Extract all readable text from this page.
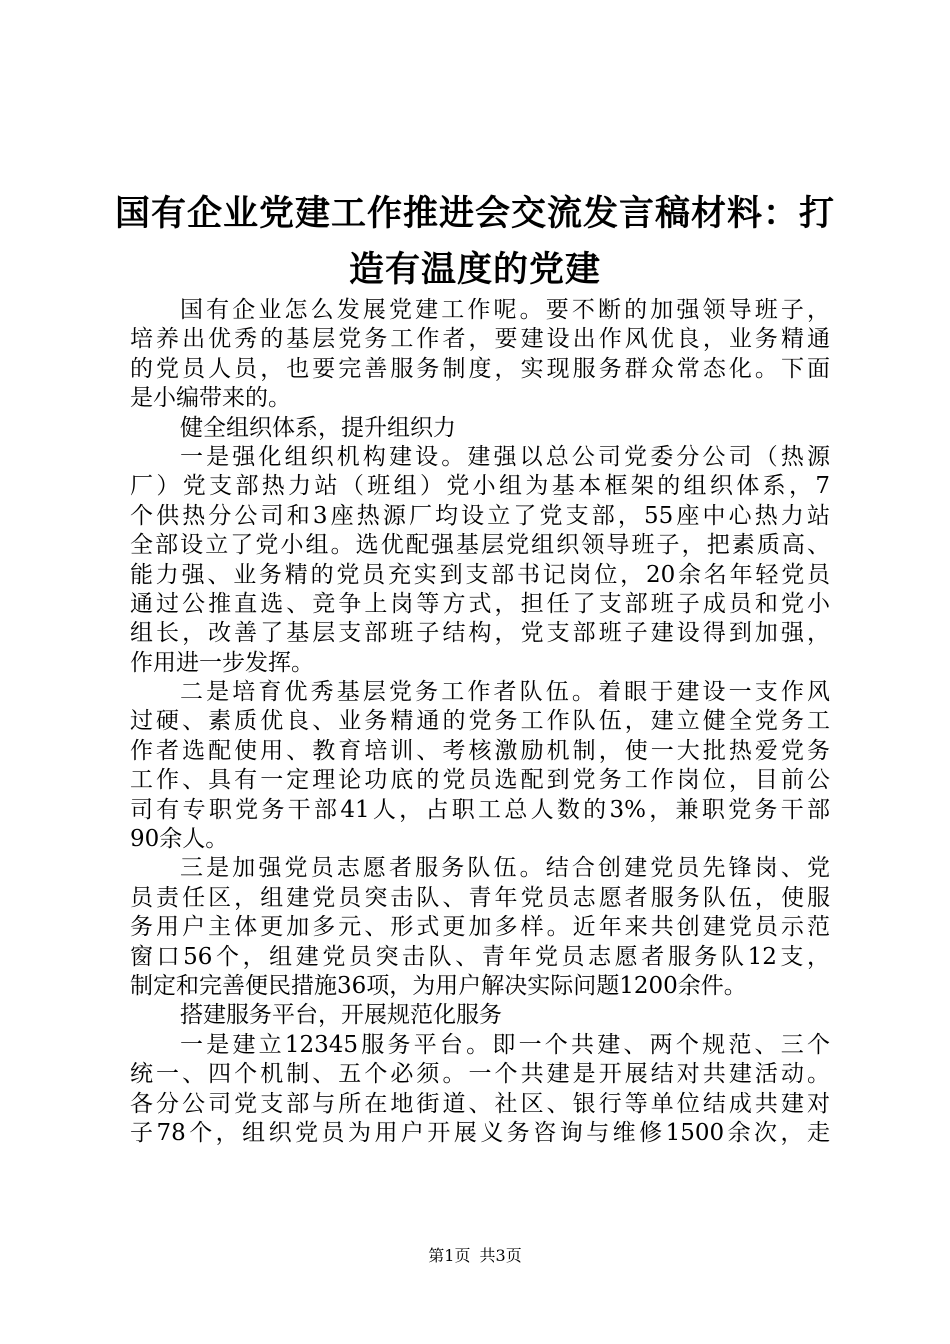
国有企业党建工作推进会交流发言稿材料：打
造有温度的党建
国有企业怎么发展党建工作呢。要不断的加强领导班子，
培养出优秀的基层党务工作者，要建设出作风优良，业务精通
的党员人员，也要完善服务制度，实现服务群众常态化。下面
是小编带来的。
健全组织体系，提升组织力
一是强化组织机构建设。建强以总公司党委分公司（热源
厂）党支部热力站（班组）党小组为基本框架的组织体系，7
个供热分公司和3座热源厂均设立了党支部，55座中心热力站
全部设立了党小组。选优配强基层党组织领导班子，把素质高、
能力强、业务精的党员充实到支部书记岗位，20余名年轻党员
通过公推直选、竞争上岗等方式，担任了支部班子成员和党小
组长，改善了基层支部班子结构，党支部班子建设得到加强，
作用进一步发挥。
二是培育优秀基层党务工作者队伍。着眼于建设一支作风
过硬、素质优良、业务精通的党务工作队伍，建立健全党务工
作者选配使用、教育培训、考核激励机制，使一大批热爱党务
工作、具有一定理论功底的党员选配到党务工作岗位，目前公
司有专职党务干部41人，占职工总人数的3%，兼职党务干部
90余人。
三是加强党员志愿者服务队伍。结合创建党员先锋岗、党
员责任区，组建党员突击队、青年党员志愿者服务队伍，使服
务用户主体更加多元、形式更加多样。近年来共创建党员示范
窗口56个，组建党员突击队、青年党员志愿者服务队12支，
制定和完善便民措施36项，为用户解决实际问题1200余件。
搭建服务平台，开展规范化服务
一是建立12345服务平台。即一个共建、两个规范、三个
统一、四个机制、五个必须。一个共建是开展结对共建活动。
各分公司党支部与所在地街道、社区、银行等单位结成共建对
子78个，组织党员为用户开展义务咨询与维修1500余次，走
第1页 共3页
